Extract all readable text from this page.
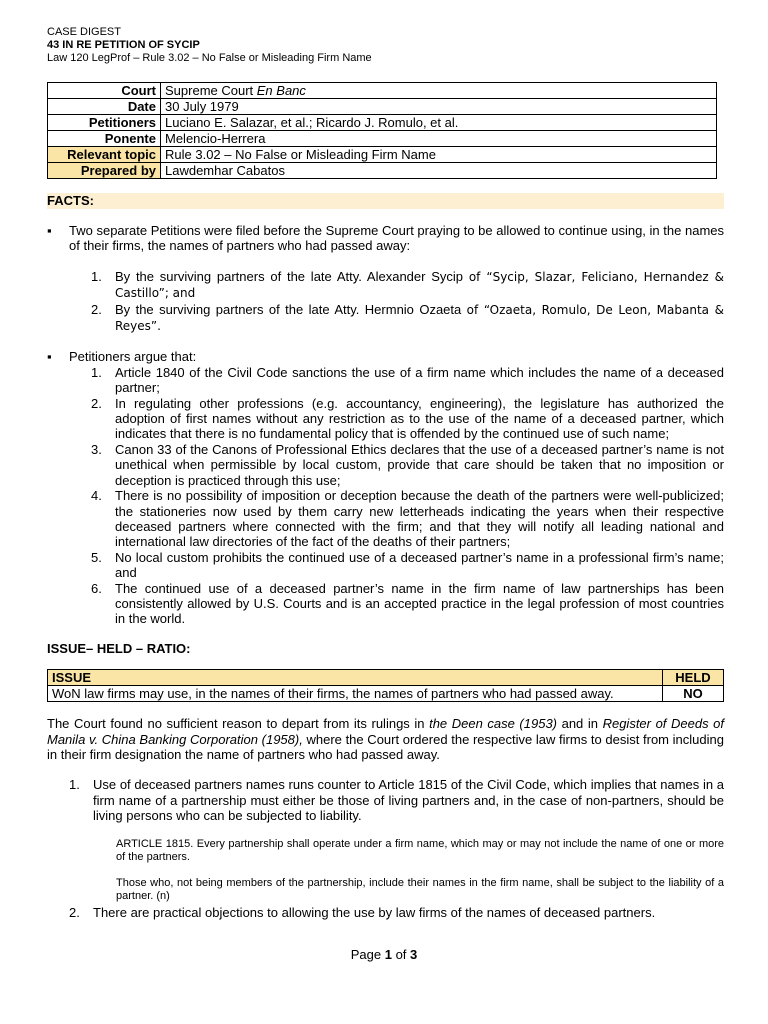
CASE DIGEST
43 IN RE PETITION OF SYCIP
Law 120 LegProf – Rule 3.02 – No False or Misleading Firm Name
Court	Supreme Court En Banc
Date	30 July 1979
Petitioners	Luciano E. Salazar, et al.; Ricardo J. Romulo, et al.
Ponente	Melencio-Herrera
Relevant topic	Rule 3.02 – No False or Misleading Firm Name
Prepared by	Lawdemhar Cabatos
FACTS:
▪ Two separate Petitions were filed before the Supreme Court praying to be allowed to continue using, in the names of their firms, the names of partners who had passed away:

1. By the surviving partners of the late Atty. Alexander Sycip of “Sycip, Slazar, Feliciano, Hernandez & Castillo”; and
2. By the surviving partners of the late Atty. Hermnio Ozaeta of “Ozaeta, Romulo, De Leon, Mabanta & Reyes”.
▪ Petitioners argue that:

1. Article 1840 of the Civil Code sanctions the use of a firm name which includes the name of a deceased partner;
2. In regulating other professions (e.g. accountancy, engineering), the legislature has authorized the adoption of first names without any restriction as to the use of the name of a deceased partner, which indicates that there is no fundamental policy that is offended by the continued use of such name;
3. Canon 33 of the Canons of Professional Ethics declares that the use of a deceased partner’s name is not unethical when permissible by local custom, provide that care should be taken that no imposition or deception is practiced through this use;
4. There is no possibility of imposition or deception because the death of the partners were well-publicized; the stationeries now used by them carry new letterheads indicating the years when their respective deceased partners where connected with the firm; and that they will notify all leading national and international law directories of the fact of the deaths of their partners;
5. No local custom prohibits the continued use of a deceased partner’s name in a professional firm’s name; and
6. The continued use of a deceased partner’s name in the firm name of law partnerships has been consistently allowed by U.S. Courts and is an accepted practice in the legal profession of most countries in the world.
ISSUE– HELD – RATIO:
ISSUE	HELD
WoN law firms may use, in the names of their firms, the names of partners who had passed away.	NO

The Court found no sufficient reason to depart from its rulings in the Deen case (1953) and in Register of Deeds of Manila v. China Banking Corporation (1958), where the Court ordered the respective law firms to desist from including in their firm designation the name of partners who had passed away.

1. Use of deceased partners names runs counter to Article 1815 of the Civil Code, which implies that names in a firm name of a partnership must either be those of living partners and, in the case of non-partners, should be living persons who can be subjected to liability.

ARTICLE 1815. Every partnership shall operate under a firm name, which may or may not include the name of one or more of the partners.

Those who, not being members of the partnership, include their names in the firm name, shall be subject to the liability of a partner. (n)

2. There are practical objections to allowing the use by law firms of the names of deceased partners.
Page 1 of 3
